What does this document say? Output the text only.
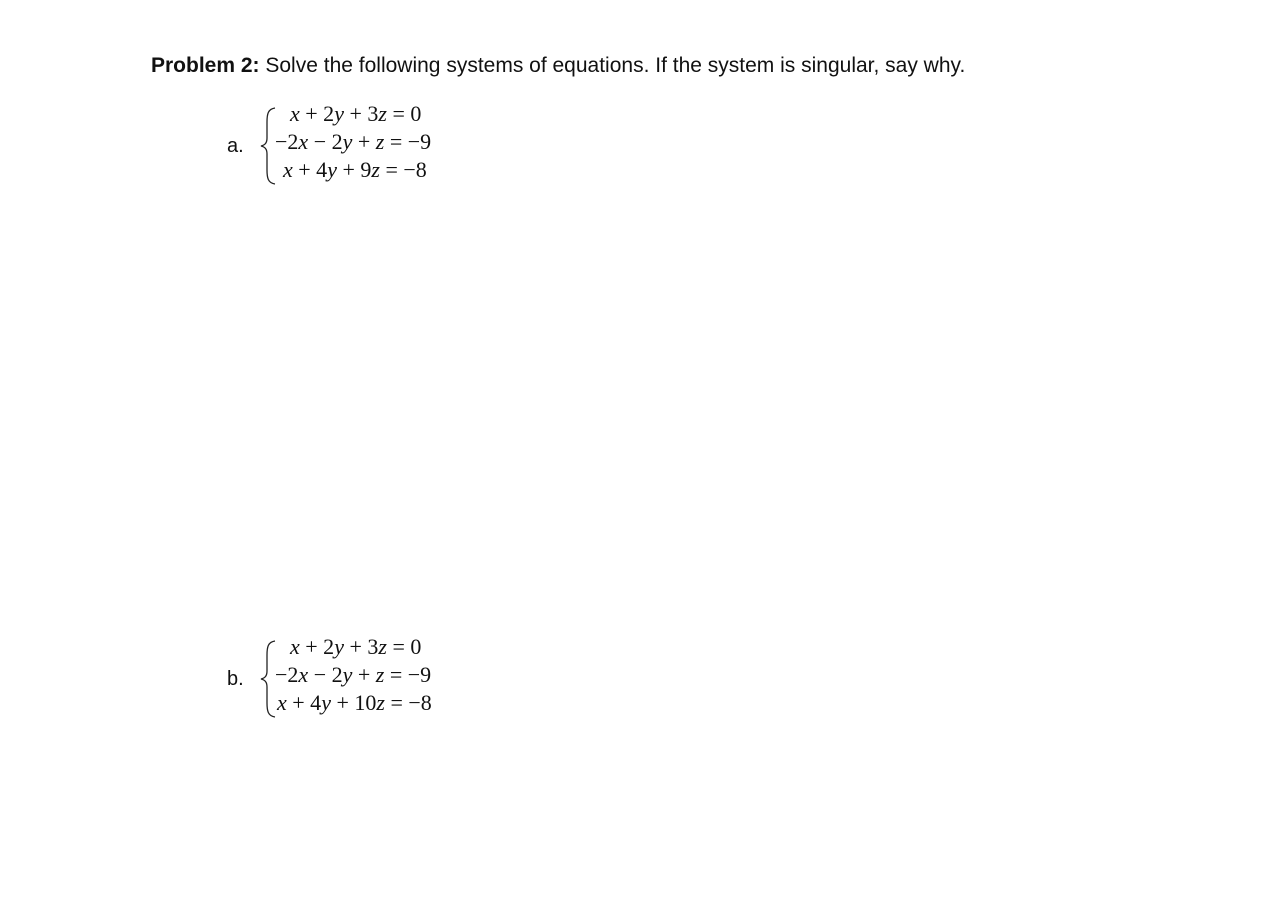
Problem 2: Solve the following systems of equations. If the system is singular, say why.
a.
x + 2y + 3z = 0
−2x − 2y + z = −9
x + 4y + 9z = −8
b.
x + 2y + 3z = 0
−2x − 2y + z = −9
x + 4y + 10z = −8
